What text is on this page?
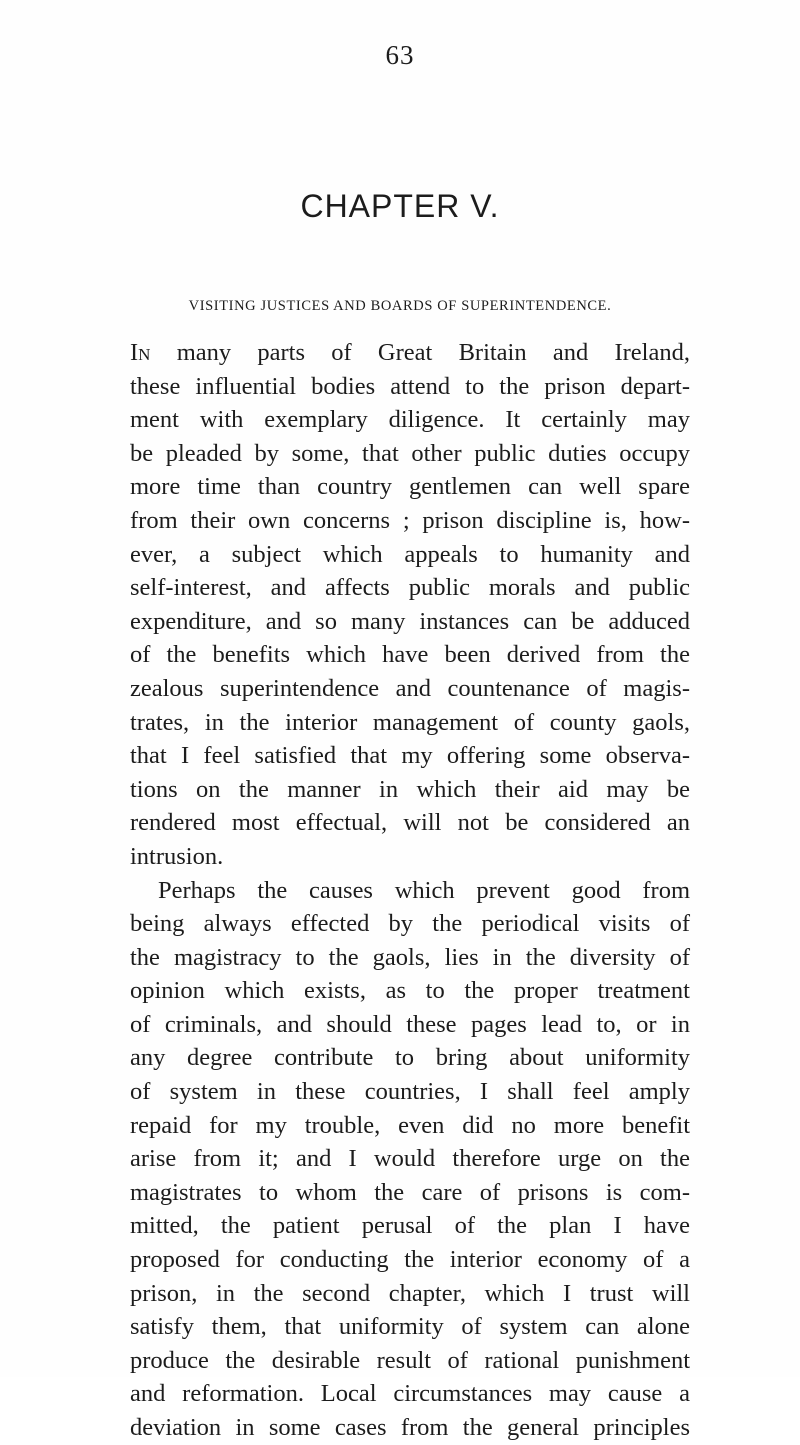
63
CHAPTER V.
VISITING JUSTICES AND BOARDS OF SUPERINTENDENCE.
In many parts of Great Britain and Ireland,
these influential bodies attend to the prison depart-
ment with exemplary diligence. It certainly may
be pleaded by some, that other public duties occupy
more time than country gentlemen can well spare
from their own concerns ; prison discipline is, how-
ever, a subject which appeals to humanity and
self-interest, and affects public morals and public
expenditure, and so many instances can be adduced
of the benefits which have been derived from the
zealous superintendence and countenance of magis-
trates, in the interior management of county gaols,
that I feel satisfied that my offering some observa-
tions on the manner in which their aid may be
rendered most effectual, will not be considered an
intrusion.
Perhaps the causes which prevent good from
being always effected by the periodical visits of
the magistracy to the gaols, lies in the diversity of
opinion which exists, as to the proper treatment
of criminals, and should these pages lead to, or in
any degree contribute to bring about uniformity
of system in these countries, I shall feel amply
repaid for my trouble, even did no more benefit
arise from it; and I would therefore urge on the
magistrates to whom the care of prisons is com-
mitted, the patient perusal of the plan I have
proposed for conducting the interior economy of a
prison, in the second chapter, which I trust will
satisfy them, that uniformity of system can alone
produce the desirable result of rational punishment
and reformation. Local circumstances may cause a
deviation in some cases from the general principles
